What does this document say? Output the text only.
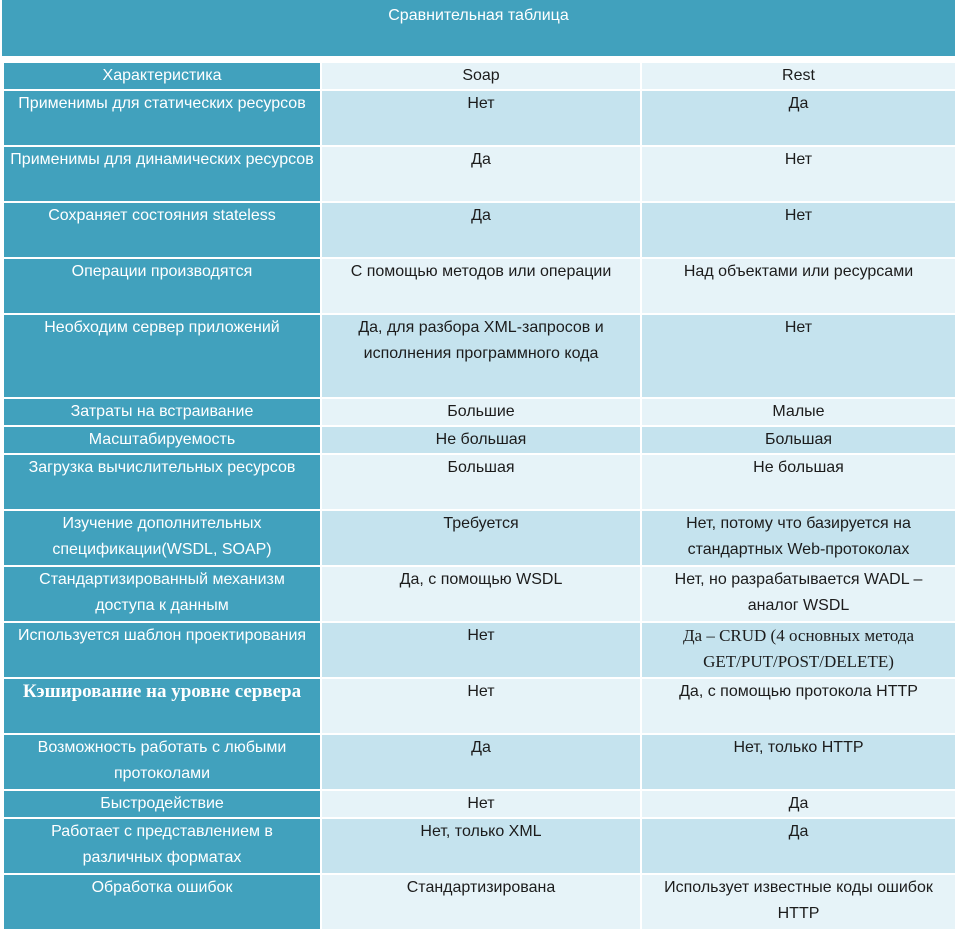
Сравнительная таблица
Характеристика	Soap	Rest
Применимы для статических ресурсов	Нет	Да
Применимы для динамических ресурсов	Да	Нет
Сохраняет состояния stateless	Да	Нет
Операции производятся	С помощью методов или операции	Над объектами или ресурсами
Необходим сервер приложений	Да, для разбора XML-запросов и исполнения программного кода	Нет
Затраты на встраивание	Большие	Малые
Масштабируемость	Не большая	Большая
Загрузка вычислительных ресурсов	Большая	Не большая
Изучение дополнительных спецификации(WSDL, SOAP)	Требуется	Нет, потому что базируется на стандартных Web-протоколах
Стандартизированный механизм доступа к данным	Да, с помощью WSDL	Нет, но разрабатывается WADL – аналог WSDL
Используется шаблон проектирования	Нет	Да – CRUD (4 основных метода GET/PUT/POST/DELETE)
Кэширование на уровне сервера	Нет	Да, с помощью протокола HTTP
Возможность работать с любыми протоколами	Да	Нет, только HTTP
Быстродействие	Нет	Да
Работает с представлением в различных форматах	Нет, только XML	Да
Обработка ошибок	Стандартизирована	Использует известные коды ошибок HTTP
